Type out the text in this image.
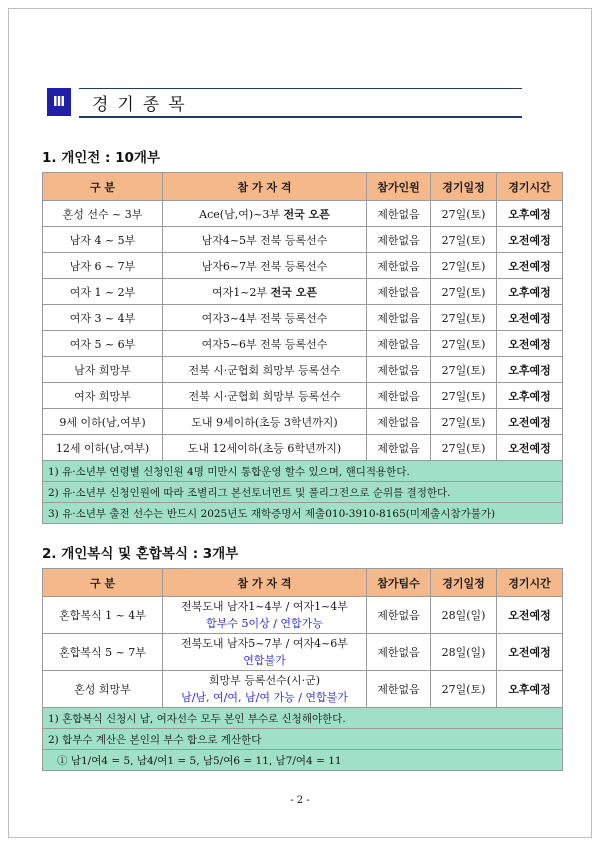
Ⅲ	경기종목
1. 개인전 : 10개부
구 분	참 가 자 격	참가인원	경기일정	경기시간
혼성 선수 ~ 3부	Ace(남,여)~3부 전국 오픈	제한없음	27일(토)	오후예정
남자 4 ~ 5부	남자4~5부 전북 등록선수	제한없음	27일(토)	오전예정
남자 6 ~ 7부	남자6~7부 전북 등록선수	제한없음	27일(토)	오전예정
여자 1 ~ 2부	여자1~2부 전국 오픈	제한없음	27일(토)	오후예정
여자 3 ~ 4부	여자3~4부 전북 등록선수	제한없음	27일(토)	오전예정
여자 5 ~ 6부	여자5~6부 전북 등록선수	제한없음	27일(토)	오전예정
남자 희망부	전북 시·군협회 희망부 등록선수	제한없음	27일(토)	오후예정
여자 희망부	전북 시·군협회 희망부 등록선수	제한없음	27일(토)	오후예정
9세 이하(남,여부)	도내 9세이하(초등 3학년까지)	제한없음	27일(토)	오전예정
12세 이하(남,여부)	도내 12세이하(초등 6학년까지)	제한없음	27일(토)	오전예정
1) 유·소년부 연령별 신청인원 4명 미만시 통합운영 할수 있으며, 핸디적용한다.				
2) 유·소년부 신청인원에 따라 조별리그 본선토너먼트 및 풀리그전으로 순위를 결정한다.				
3) 유·소년부 출전 선수는 반드시 2025년도 재학증명서 제출010-3910-8165(미제출시참가불가)				
2. 개인복식 및 혼합복식 : 3개부
구 분	참 가 자 격	참가팀수	경기일정	경기시간
혼합복식 1 ~ 4부	전북도내 남자1~4부 / 여자1~4부
합부수 5이상 / 연합가능	제한없음	28일(일)	오전예정
혼합복식 5 ~ 7부	전북도내 남자5~7부 / 여자4~6부
연합불가	제한없음	28일(일)	오전예정
혼성 희망부	희망부 등록선수(시·군)
남/남, 여/여, 남/여 가능 / 연합불가	제한없음	27일(토)	오후예정
1) 혼합복식 신청시 남, 여자선수 모두 본인 부수로 신청해야한다.				
2) 합부수 계산은 본인의 부수 합으로 계산한다				
① 남1/여4 = 5, 남4/여1 = 5, 남5/여6 = 11, 남7/여4 = 11				
- 2 -
